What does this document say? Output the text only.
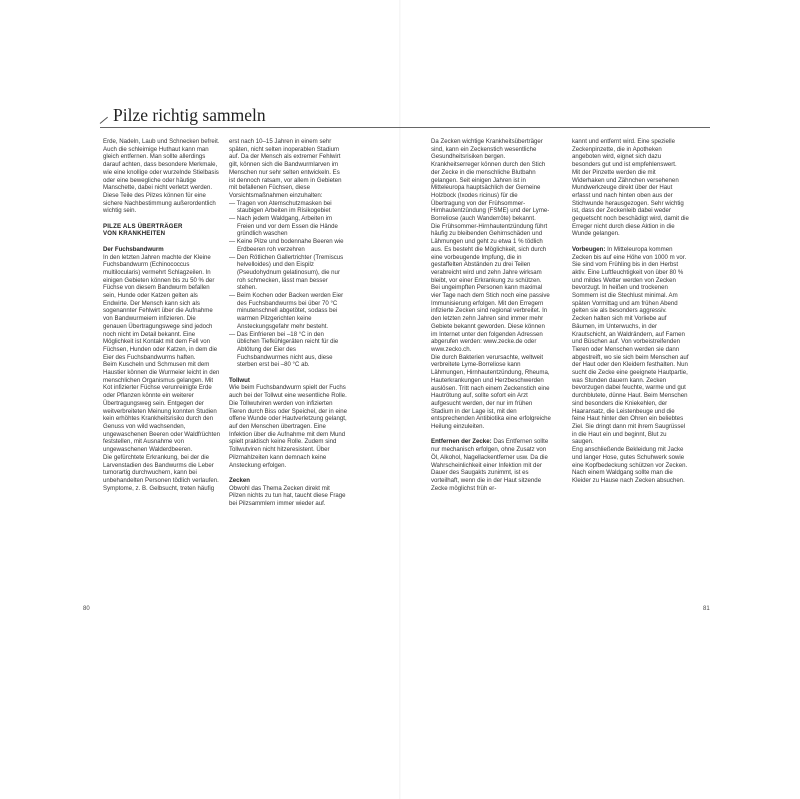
Pilze richtig sammeln

Erde, Nadeln, Laub und Schnecken befreit. Auch die schleimige Huthaut kann man gleich entfernen. Man sollte allerdings darauf achten, dass besondere Merkmale, wie eine knollige oder wurzelnde Stielbasis oder eine bewegliche oder häutige Manschette, dabei nicht verletzt werden. Diese Teile des Pilzes können für eine sichere Nachbestimmung außerordentlich wichtig sein.

PILZE ALS ÜBERTRÄGER

VON KRANKHEITEN

Der Fuchsbandwurm

In den letzten Jahren machte der Kleine Fuchsbandwurm (Echinococcus multilocularis) vermehrt Schlagzeilen. In einigen Gebieten können bis zu 50 % der Füchse von diesem Bandwurm befallen sein, Hunde oder Katzen gelten als Endwirte. Der Mensch kann sich als sogenannter Fehlwirt über die Aufnahme von Bandwurmeiern infizieren. Die genauen Übertragungswege sind jedoch noch nicht im Detail bekannt. Eine Möglichkeit ist Kontakt mit dem Fell von Füchsen, Hunden oder Katzen, in dem die Eier des Fuchsbandwurms haften.

Beim Kuscheln und Schmusen mit dem Haustier können die Wurmeier leicht in den menschlichen Organismus gelangen. Mit Kot infizierter Füchse verunreinigte Erde oder Pflanzen könnte ein weiterer Übertragungsweg sein. Entgegen der weitverbreiteten Meinung konnten Studien kein erhöhtes Krankheitsrisiko durch den Genuss von wild wachsenden, ungewaschenen Beeren oder Waldfrüchten feststellen, mit Ausnahme von ungewaschenen Walderdbeeren.

Die gefürchtete Erkrankung, bei der die Larvenstadien des Bandwurms die Leber tumorartig durchwuchern, kann bei unbehandelten Personen tödlich verlaufen. Symptome, z. B. Gelbsucht, treten häufig

erst nach 10–15 Jahren in einem sehr späten, nicht selten inoperablen Stadium auf. Da der Mensch als extremer Fehlwirt gilt, können sich die Bandwurmlarven im Menschen nur sehr selten entwickeln. Es ist dennoch ratsam, vor allem in Gebieten mit befallenen Füchsen, diese Vorsichtsmaßnahmen einzuhalten:

— Tragen von Atemschutzmasken bei staubigen Arbeiten im Risikogebiet
— Nach jedem Waldgang, Arbeiten im Freien und vor dem Essen die Hände gründlich waschen
— Keine Pilze und bodennahe Beeren wie Erdbeeren roh verzehren
— Den Rötlichen Gallertrichter (Tremiscus helvelloides) und den Eispilz (Pseudohydnum gelatinosum), die nur roh schmecken, lässt man besser stehen.
— Beim Kochen oder Backen werden Eier des Fuchsbandwurms bei über 70 °C minutenschnell abgetötet, sodass bei warmen Pilzgerichten keine Ansteckungsgefahr mehr besteht.
— Das Einfrieren bei –18 °C in den üblichen Tiefkühlgeräten reicht für die Abtötung der Eier des Fuchsbandwurmes nicht aus, diese sterben erst bei –80 °C ab.

Tollwut

Wie beim Fuchsbandwurm spielt der Fuchs auch bei der Tollwut eine wesentliche Rolle. Die Tollwutviren werden von infizierten Tieren durch Biss oder Speichel, der in eine offene Wunde oder Hautverletzung gelangt, auf den Menschen übertragen. Eine Infektion über die Aufnahme mit dem Mund spielt praktisch keine Rolle. Zudem sind Tollwutviren nicht hitzeresistent. Über Pilzmahlzeiten kann demnach keine Ansteckung erfolgen.

Zecken

Obwohl das Thema Zecken direkt mit Pilzen nichts zu tun hat, taucht diese Frage bei Pilzsammlern immer wieder auf.

80

Da Zecken wichtige Krankheitsüberträger sind, kann ein Zeckenstich wesentliche Gesundheitsrisiken bergen. Krankheitserreger können durch den Stich der Zecke in die menschliche Blutbahn gelangen. Seit einigen Jahren ist in Mitteleuropa hauptsächlich der Gemeine Holzbock (Ixodes ricinus) für die Übertragung von der Frühsommer-Hirnhautentzündung (FSME) und der Lyme-Borreliose (auch Wanderröte) bekannt.

Die Frühsommer-Hirnhautentzündung führt häufig zu bleibenden Gehirnschäden und Lähmungen und geht zu etwa 1 % tödlich aus. Es besteht die Möglichkeit, sich durch eine vorbeugende Impfung, die in gestaffelten Abständen zu drei Teilen verabreicht wird und zehn Jahre wirksam bleibt, vor einer Erkrankung zu schützen. Bei ungeimpften Personen kann maximal vier Tage nach dem Stich noch eine passive Immunisierung erfolgen. Mit den Erregern infizierte Zecken sind regional verbreitet. In den letzten zehn Jahren sind immer mehr Gebiete bekannt geworden. Diese können im Internet unter den folgenden Adressen abgerufen werden: www.zecke.de oder www.zecko.ch.

Die durch Bakterien verursachte, weltweit verbreitete Lyme-Borreliose kann Lähmungen, Hirnhautentzündung, Rheuma, Hauterkrankungen und Herzbeschwerden auslösen. Tritt nach einem Zeckenstich eine Hautrötung auf, sollte sofort ein Arzt aufgesucht werden, der nur im frühen Stadium in der Lage ist, mit den entsprechenden Antibiotika eine erfolgreiche Heilung einzuleiten.

Entfernen der Zecke: Das Entfernen sollte nur mechanisch erfolgen, ohne Zusatz von Öl, Alkohol, Nagellackentferner usw. Da die Wahrscheinlichkeit einer Infektion mit der Dauer des Saugakts zunimmt, ist es vorteilhaft, wenn die in der Haut sitzende Zecke möglichst früh er-

kannt und entfernt wird. Eine spezielle Zeckenpinzette, die in Apotheken angeboten wird, eignet sich dazu besonders gut und ist empfehlenswert.

Mit der Pinzette werden die mit Widerhaken und Zähnchen versehenen Mundwerkzeuge direkt über der Haut erfasst und nach hinten oben aus der Stichwunde herausgezogen. Sehr wichtig ist, dass der Zeckenleib dabei weder gequetscht noch beschädigt wird, damit die Erreger nicht durch diese Aktion in die Wunde gelangen.

Vorbeugen: In Mitteleuropa kommen Zecken bis auf eine Höhe von 1000 m vor. Sie sind vom Frühling bis in den Herbst aktiv. Eine Luftfeuchtigkeit von über 80 % und mildes Wetter werden von Zecken bevorzugt. In heißen und trockenen Sommern ist die Stechlust minimal. Am späten Vormittag und am frühen Abend gelten sie als besonders aggressiv.

Zecken halten sich mit Vorliebe auf Bäumen, im Unterwuchs, in der Krautschicht, an Waldrändern, auf Farnen und Büschen auf. Von vorbeistreifenden Tieren oder Menschen werden sie dann abgestreift, wo sie sich beim Menschen auf der Haut oder den Kleidern festhalten. Nun sucht die Zecke eine geeignete Hautpartie, was Stunden dauern kann. Zecken bevorzugen dabei feuchte, warme und gut durchblutete, dünne Haut. Beim Menschen sind besonders die Kniekehlen, der Haaransatz, die Leistenbeuge und die feine Haut hinter den Ohren ein beliebtes Ziel. Sie dringt dann mit ihrem Saugrüssel in die Haut ein und beginnt, Blut zu saugen.

Eng anschließende Bekleidung mit Jacke und langer Hose, gutes Schuhwerk sowie eine Kopfbedeckung schützen vor Zecken. Nach einem Waldgang sollte man die Kleider zu Hause nach Zecken absuchen.

81
